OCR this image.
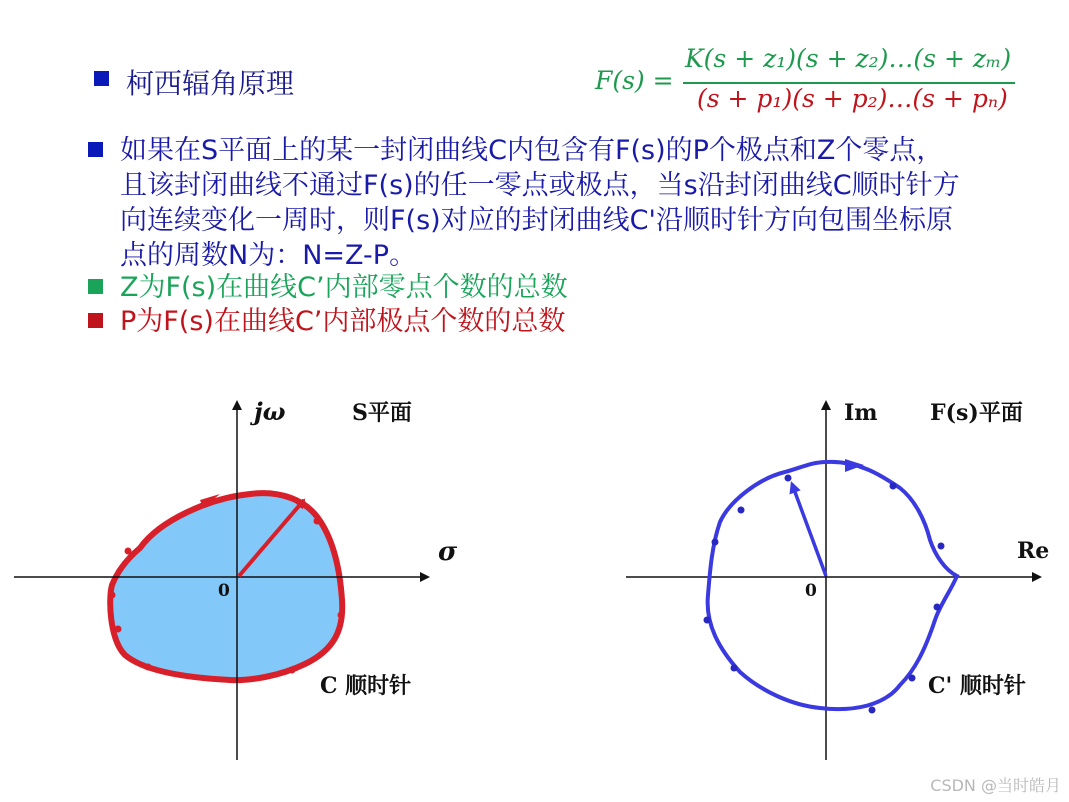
柯西辐角原理	F(s) =
K(s + z₁)(s + z₂)…(s + zₘ)
(s + p₁)(s + p₂)…(s + pₙ)
如果在S平面上的某一封闭曲线C内包含有F(s)的P个极点和Z个零点，
且该封闭曲线不通过F(s)的任一零点或极点，当s沿封闭曲线C顺时针方
向连续变化一周时，则F(s)对应的封闭曲线C'沿顺时针方向包围坐标原
点的周数N为：N=Z-P。
Z为F(s)在曲线C’内部零点个数的总数
P为F(s)在曲线C’内部极点个数的总数
jω
σ
S平面
0
C 顺时针
Im
Re
F(s)平面
0
C' 顺时针
CSDN @当时皓月
